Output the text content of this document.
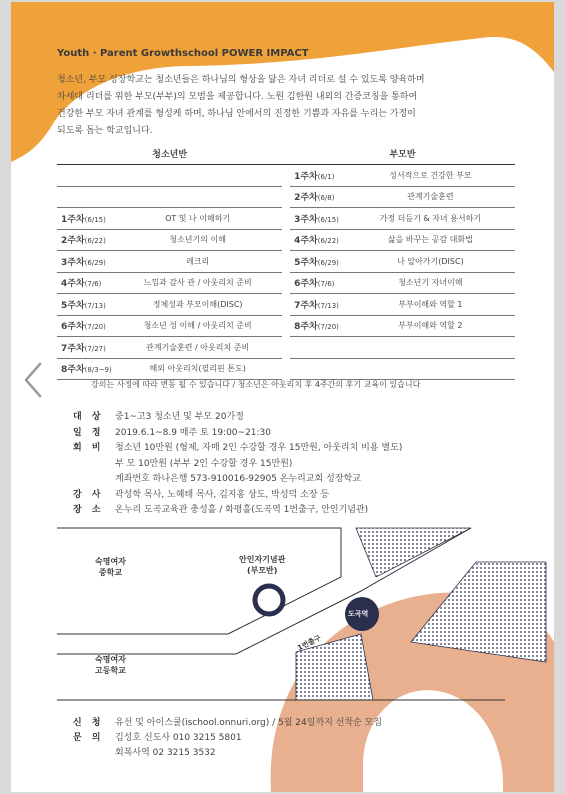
Youth · Parent Growthschool POWER IMPACT

청소년, 부모 성장학교는 청소년들은 하나님의 형상을 닮은 자녀 리더로 설 수 있도록 양육하며

차세대 리더를 위한 부모(부부)의 모범을 제공합니다. 노원 김한원 내외의 간증코칭을 통하여

건강한 부모 자녀 관계를 형성케 하며, 하나님 안에서의 진정한 기쁨과 자유를 누리는 가정이

되도록 돕는 학교입니다.

청소년반			부모반	
			1주차(6/1)	성서적으로 건강한 부모
			2주차(6/8)	관계기술훈련
1주차(6/15)	OT 및 나 이해하기		3주차(6/15)	가정 더듬기 & 자녀 용서하기
2주차(6/22)	청소년기의 이해		4주차(6/22)	삶을 바꾸는 공감 대화법
3주차(6/29)	레크리		5주차(6/29)	나 알아가기(DISC)
4주차(7/6)	느낌과 감사 관 / 아웃리치 준비		6주차(7/6)	청소년기 자녀이해
5주차(7/13)	정체성과 부모이해(DISC)		7주차(7/13)	부부이해와 역할 1
6주차(7/20)	청소년 성 이해 / 아웃리치 준비		8주차(7/20)	부부이해와 역할 2
7주차(7/27)	관계기술훈련 / 아웃리치 준비			
8주차(8/3~9)	해외 아웃리치(필리핀 톤도)			
강의는 사정에 따라 변동 될 수 있습니다 / 청소년은 아웃리치 후 4주간의 후기 교육이 있습니다
대상 중1~고3 청소년 및 부모 20가정
일정 2019.6.1~8.9 매주 토 19:00~21:30
회비 청소년 10만원 (형제, 자매 2인 수강할 경우 15만원, 아웃리치 비용 별도)
부 모 10만원 (부부 2인 수강할 경우 15만원)
계좌번호 하나은행 573-910016-92905 온누리교회 성장학교
강사 곽성학 목사, 노혜태 목사, 김지홍 상도, 박성덕 소장 등
장소 온누리 도곡교육관 충성홀 / 화평홀(도곡역 1번출구, 안인기념관)
숙명여자
중학교
숙명여자
고등학교
안인자기념관
(부모반)
도곡역
1번출구
신청 유선 및 아이스쿨(ischool.onnuri.org) / 5월 24일까지 선착순 모집
문의 김성호 신도사 010 3215 5801
회복사역 02 3215 3532
